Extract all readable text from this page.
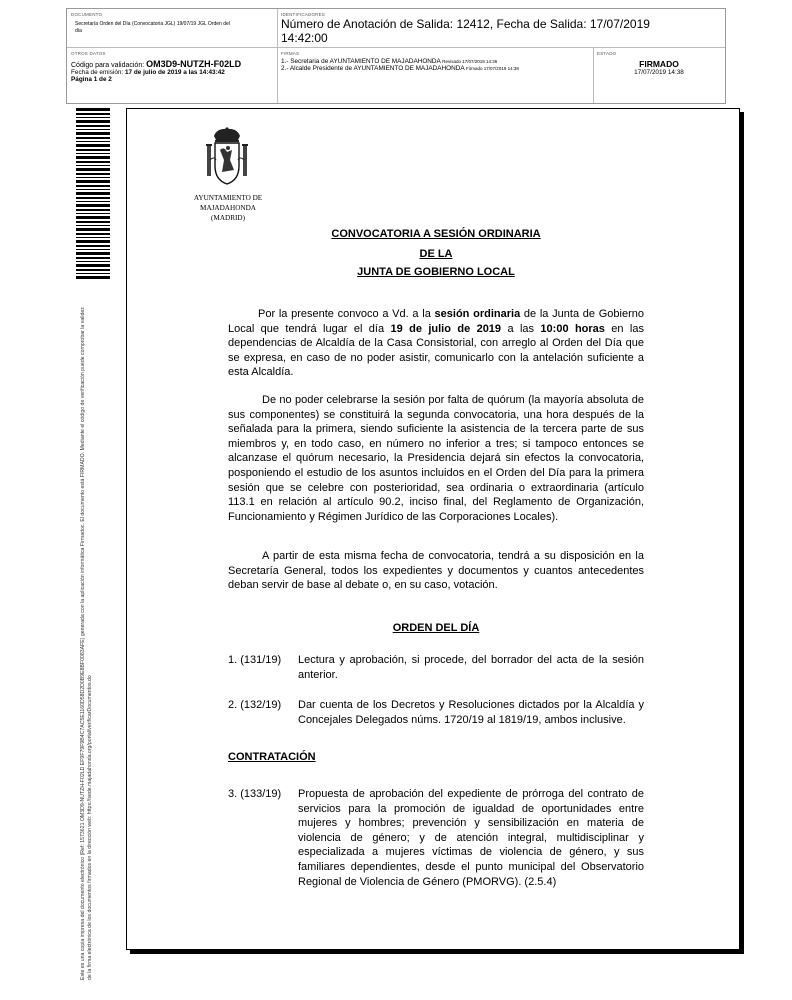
DOCUMENTO
Secretaría Orden del Día (Convocatoria JGL) 19/07/19 JGL Orden del día
IDENTIFICADORES
Número de Anotación de Salida: 12412, Fecha de Salida: 17/07/2019 14:42:00
OTROS DATOS
Código para validación: OM3D9-NUTZH-F02LD
Fecha de emisión: 17 de julio de 2019 a las 14:43:42
Página 1 de 2
FIRMAS
1.- Secretaria de AYUNTAMIENTO DE MAJADAHONDA Revisado 17/07/2019 14:36
2.- Alcalde Presidente de AYUNTAMIENTO DE MAJADAHONDA Firmado 17/07/2019 14:38
ESTADO
FIRMADO
17/07/2019 14:38
Este es una copia impresa del documento electrónico (Ref: 1573621 OM3D9-NUTZH-F02LD EF9F79F9B4C7AC5E1160D58D2D0B9E8BF0083AFE) generada con la aplicación informática Firmadoc. El documento está FIRMADO. Mediante el código de verificación puede comprobar la validez de la firma electrónica de los documentos firmados en la dirección web: https://sede.majadahonda.org/portal/verificarDocumentos.do
AYUNTAMIENTO DE
MAJADAHONDA
(MADRID)
CONVOCATORIA A SESIÓN ORDINARIA
DE LA
JUNTA DE GOBIERNO LOCAL
Por la presente convoco a Vd. a la sesión ordinaria de la Junta de Gobierno Local que tendrá lugar el día 19 de julio de 2019 a las 10:00 horas en las dependencias de Alcaldía de la Casa Consistorial, con arreglo al Orden del Día que se expresa, en caso de no poder asistir, comunicarlo con la antelación suficiente a esta Alcaldía.
De no poder celebrarse la sesión por falta de quórum (la mayoría absoluta de sus componentes) se constituirá la segunda convocatoria, una hora después de la señalada para la primera, siendo suficiente la asistencia de la tercera parte de sus miembros y, en todo caso, en número no inferior a tres; si tampoco entonces se alcanzase el quórum necesario, la Presidencia dejará sin efectos la convocatoria, posponiendo el estudio de los asuntos incluidos en el Orden del Día para la primera sesión que se celebre con posterioridad, sea ordinaria o extraordinaria (artículo 113.1 en relación al artículo 90.2, inciso final, del Reglamento de Organización, Funcionamiento y Régimen Jurídico de las Corporaciones Locales).
A partir de esta misma fecha de convocatoria, tendrá a su disposición en la Secretaría General, todos los expedientes y documentos y cuantos antecedentes deban servir de base al debate o, en su caso, votación.
ORDEN DEL DÍA
1. (131/19) Lectura y aprobación, si procede, del borrador del acta de la sesión anterior.
2. (132/19) Dar cuenta de los Decretos y Resoluciones dictados por la Alcaldía y Concejales Delegados núms. 1720/19 al 1819/19, ambos inclusive.
CONTRATACIÓN
3. (133/19) Propuesta de aprobación del expediente de prórroga del contrato de servicios para la promoción de igualdad de oportunidades entre mujeres y hombres; prevención y sensibilización en materia de violencia de género; y de atención integral, multidisciplinar y especializada a mujeres víctimas de violencia de género, y sus familiares dependientes, desde el punto municipal del Observatorio Regional de Violencia de Género (PMORVG). (2.5.4)
